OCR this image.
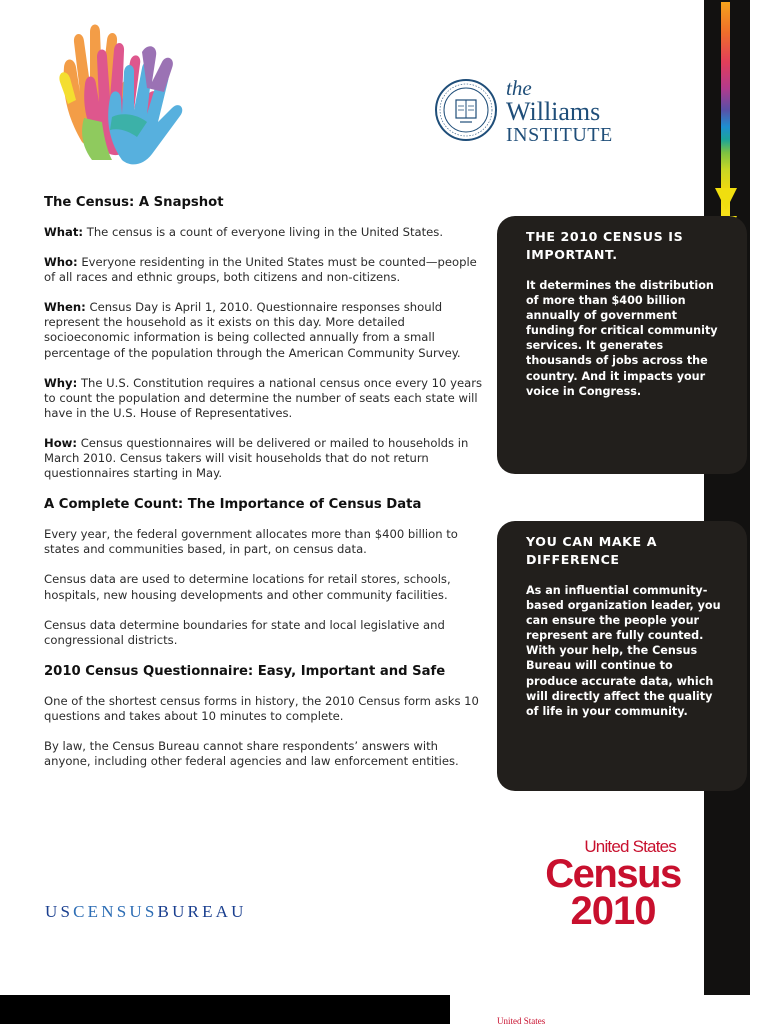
the
Williams
INSTITUTE
The Census: A Snapshot

What: The census is a count of everyone living in the United States.

Who: Everyone residenting in the United States must be counted—people of all races and ethnic groups, both citizens and non-citizens.

When: Census Day is April 1, 2010. Questionnaire responses should represent the household as it exists on this day. More detailed socioeconomic information is being collected annually from a small percentage of the population through the American Community Survey.

Why: The U.S. Constitution requires a national census once every 10 years to count the population and determine the number of seats each state will have in the U.S. House of Representatives.

How: Census questionnaires will be delivered or mailed to households in March 2010. Census takers will visit households that do not return questionnaires starting in May.

A Complete Count: The Importance of Census Data

Every year, the federal government allocates more than $400 billion to states and communities based, in part, on census data.

Census data are used to determine locations for retail stores, schools, hospitals, new housing developments and other community facilities.

Census data determine boundaries for state and local legislative and congressional districts.

2010 Census Questionnaire: Easy, Important and Safe

One of the shortest census forms in history, the 2010 Census form asks 10 questions and takes about 10 minutes to complete.

By law, the Census Bureau cannot share respondents’ answers with anyone, including other federal agencies and law enforcement entities.

THE 2010 CENSUS IS IMPORTANT.

It determines the distribution of more than $400 billion annually of government funding for critical community services. It generates thousands of jobs across the country. And it impacts your voice in Congress.

YOU CAN MAKE A DIFFERENCE

As an influential community-based organization leader, you can ensure the people your represent are fully counted. With your help, the Census Bureau will continue to produce accurate data, which will directly affect the quality of life in your community.

United States
Census
2010
USCENSUSBUREAU
United States
